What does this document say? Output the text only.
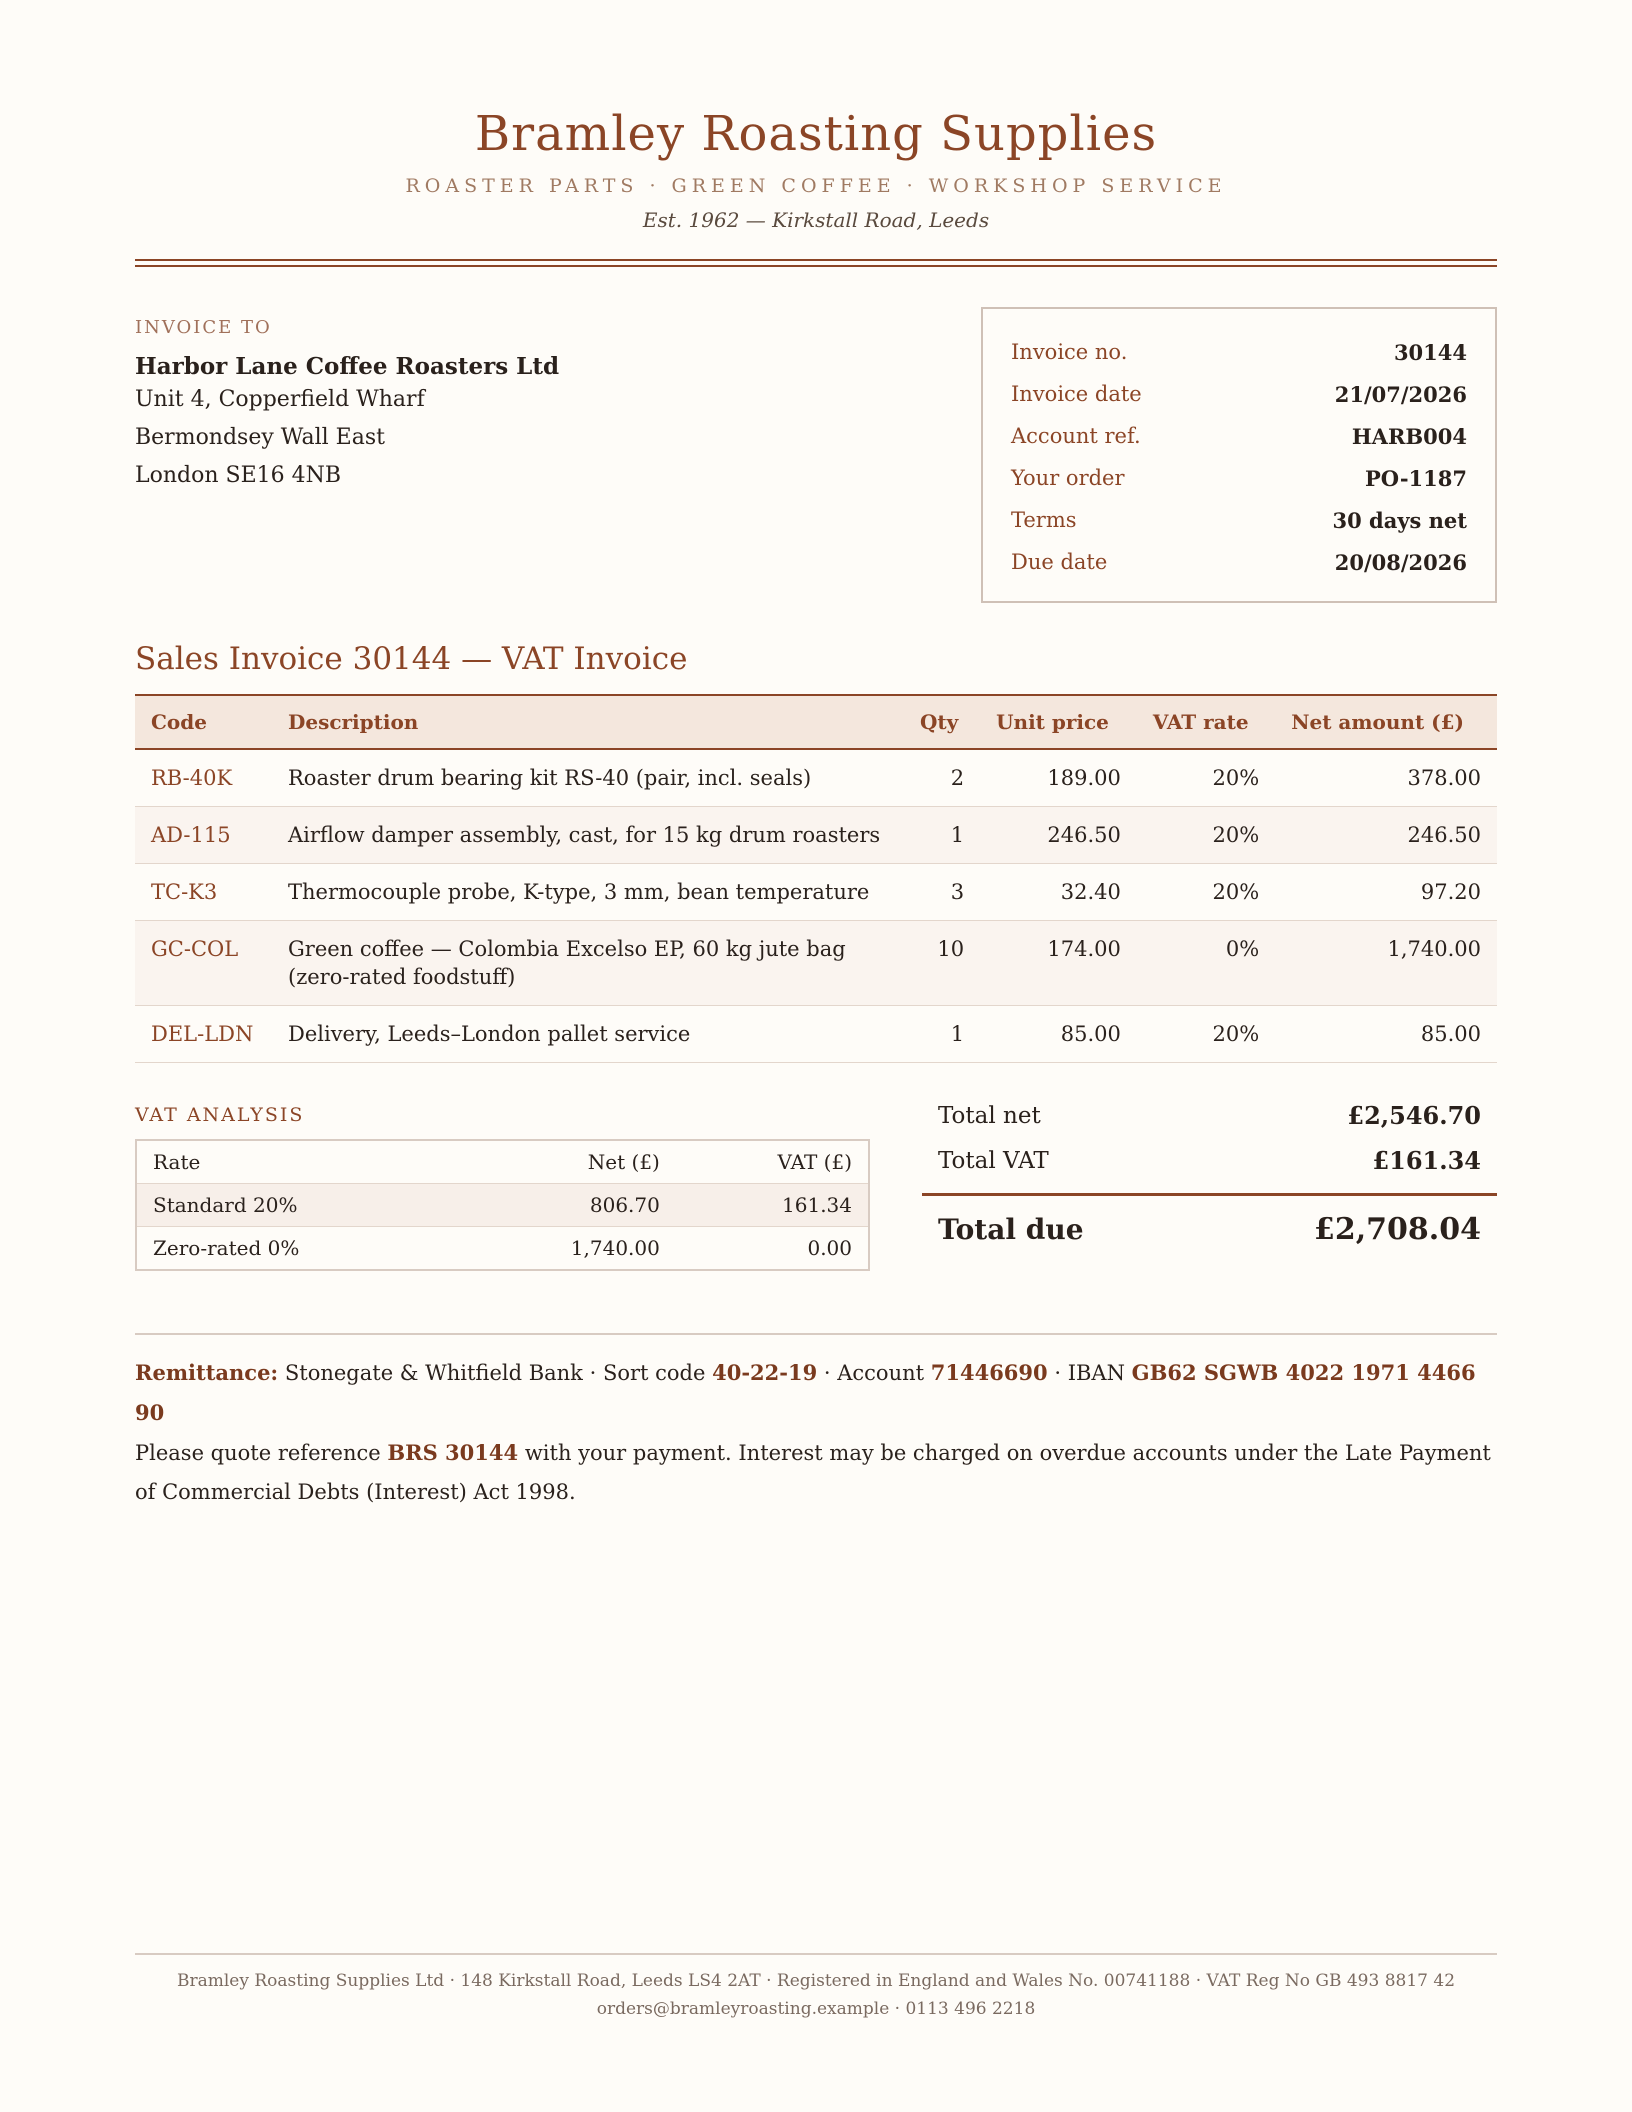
Bramley Roasting Supplies
ROASTER PARTS · GREEN COFFEE · WORKSHOP SERVICE
Est. 1962 — Kirkstall Road, Leeds
INVOICE TO
Harbor Lane Coffee Roasters Ltd
Unit 4, Copperfield Wharf
Bermondsey Wall East
London SE16 4NB
Invoice no.	30144
Invoice date	21/07/2026
Account ref.	HARB004
Your order	PO-1187
Terms	30 days net
Due date	20/08/2026
Sales Invoice 30144 — VAT Invoice
Code	Description	Qty	Unit price	VAT rate	Net amount (£)
RB-40K	Roaster drum bearing kit RS-40 (pair, incl. seals)	2	189.00	20%	378.00
AD-115	Airflow damper assembly, cast, for 15 kg drum roasters	1	246.50	20%	246.50
TC-K3	Thermocouple probe, K-type, 3 mm, bean temperature	3	32.40	20%	97.20
GC-COL	Green coffee — Colombia Excelso EP, 60 kg jute bag (zero-rated foodstuff)	10	174.00	0%	1,740.00
DEL-LDN	Delivery, Leeds–London pallet service	1	85.00	20%	85.00
VAT ANALYSIS
Rate	Net (£)	VAT (£)
Standard 20%	806.70	161.34
Zero-rated 0%	1,740.00	0.00
Total net	£2,546.70
Total VAT	£161.34
Total due	£2,708.04
Remittance: Stonegate & Whitfield Bank · Sort code 40-22-19 · Account 71446690 · IBAN GB62 SGWB 4022 1971 4466 90
Please quote reference BRS 30144 with your payment. Interest may be charged on overdue accounts under the Late Payment of Commercial Debts (Interest) Act 1998.
Bramley Roasting Supplies Ltd · 148 Kirkstall Road, Leeds LS4 2AT · Registered in England and Wales No. 00741188 · VAT Reg No GB 493 8817 42
orders@bramleyroasting.example · 0113 496 2218
